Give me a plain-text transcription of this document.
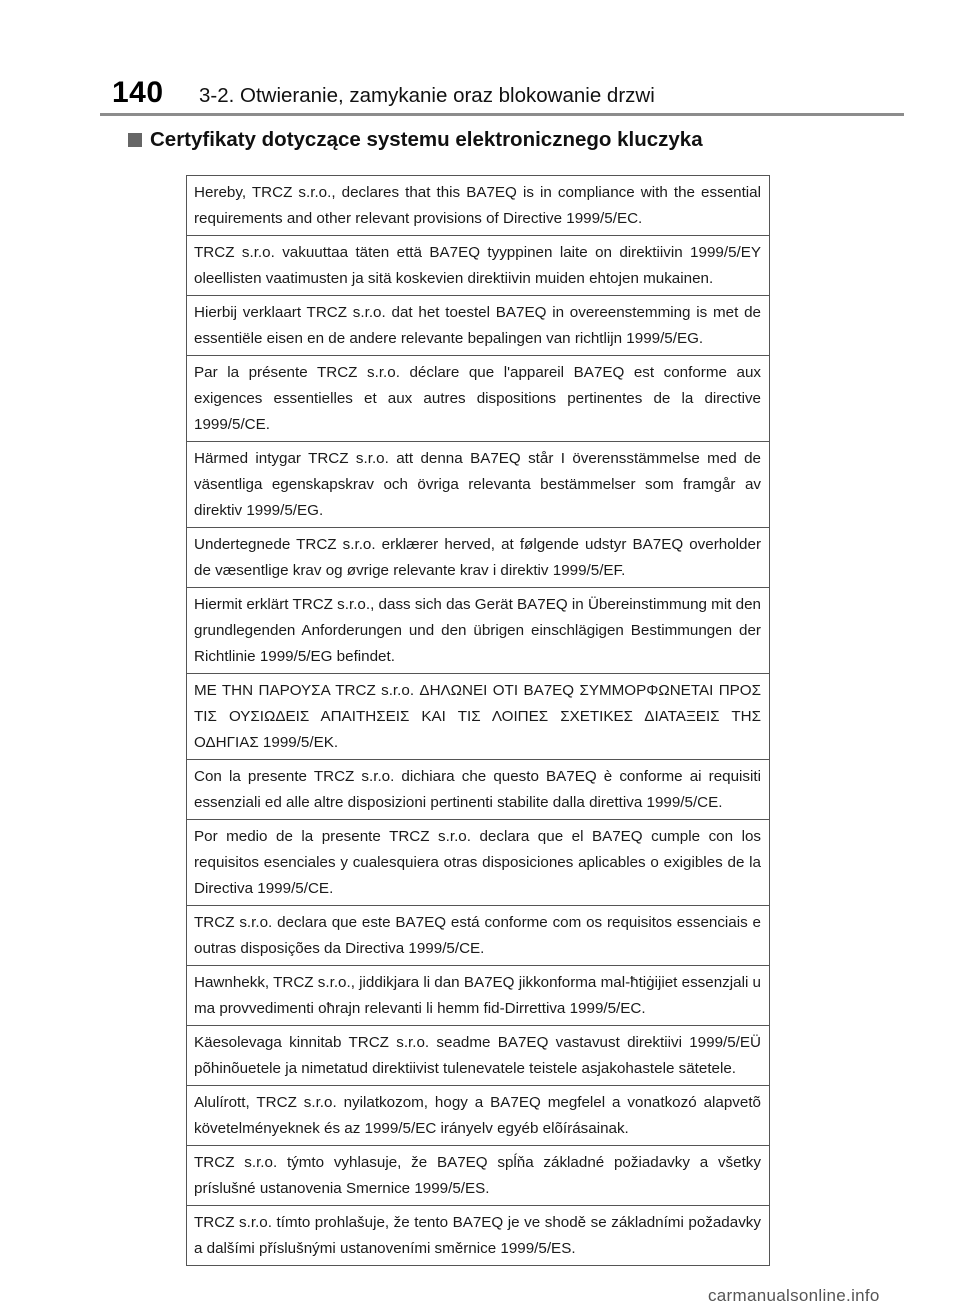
140 3-2. Otwieranie, zamykanie oraz blokowanie drzwi
Certyfikaty dotyczące systemu elektronicznego kluczyka
Hereby, TRCZ s.r.o., declares that this BA7EQ is in compliance with the essential requirements and other relevant provisions of Directive 1999/5/EC.
TRCZ s.r.o. vakuuttaa täten että BA7EQ tyyppinen laite on direktiivin 1999/5/EY oleellisten vaatimusten ja sitä koskevien direktiivin muiden ehtojen mukainen.
Hierbij verklaart TRCZ s.r.o. dat het toestel BA7EQ in overeenstemming is met de essentiële eisen en de andere relevante bepalingen van richtlijn 1999/5/EG.
Par la présente TRCZ s.r.o. déclare que l'appareil BA7EQ est conforme aux exigences essentielles et aux autres dispositions pertinentes de la directive 1999/5/CE.
Härmed intygar TRCZ s.r.o. att denna BA7EQ står I överensstämmelse med de väsentliga egenskapskrav och övriga relevanta bestämmelser som framgår av direktiv 1999/5/EG.
Undertegnede TRCZ s.r.o. erklærer herved, at følgende udstyr BA7EQ overholder de væsentlige krav og øvrige relevante krav i direktiv 1999/5/EF.
Hiermit erklärt TRCZ s.r.o., dass sich das Gerät BA7EQ in Übereinstimmung mit den grundlegenden Anforderungen und den übrigen einschlägigen Bestimmungen der Richtlinie 1999/5/EG befindet.
ΜΕ ΤΗΝ ΠΑΡΟΥΣΑ TRCZ s.r.o. ΔΗΛΩΝΕΙ ΟΤΙ BA7EQ ΣΥΜΜΟΡΦΩΝΕΤΑΙ ΠΡΟΣ ΤΙΣ ΟΥΣΙΩΔΕΙΣ ΑΠΑΙΤΗΣΕΙΣ ΚΑΙ ΤΙΣ ΛΟΙΠΕΣ ΣΧΕΤΙΚΕΣ ΔΙΑΤΑΞΕΙΣ ΤΗΣ ΟΔΗΓΙΑΣ 1999/5/ΕΚ.
Con la presente TRCZ s.r.o. dichiara che questo BA7EQ è conforme ai requisiti essenziali ed alle altre disposizioni pertinenti stabilite dalla direttiva 1999/5/CE.
Por medio de la presente TRCZ s.r.o. declara que el BA7EQ cumple con los requisitos esenciales y cualesquiera otras disposiciones aplicables o exigibles de la Directiva 1999/5/CE.
TRCZ s.r.o. declara que este BA7EQ está conforme com os requisitos essenciais e outras disposições da Directiva 1999/5/CE.
Hawnhekk, TRCZ s.r.o., jiddikjara li dan BA7EQ jikkonforma mal-ħtiġijiet essenzjali u ma provvedimenti oħrajn relevanti li hemm fid-Dirrettiva 1999/5/EC.
Käesolevaga kinnitab TRCZ s.r.o. seadme BA7EQ vastavust direktiivi 1999/5/EÜ põhinõuetele ja nimetatud direktiivist tulenevatele teistele asjakohastele sätetele.
Alulírott, TRCZ s.r.o. nyilatkozom, hogy a BA7EQ megfelel a vonatkozó alapvetõ követelményeknek és az 1999/5/EC irányelv egyéb elõírásainak.
TRCZ s.r.o. týmto vyhlasuje, že BA7EQ spĺňa základné požiadavky a všetky príslušné ustanovenia Smernice 1999/5/ES.
TRCZ s.r.o. tímto prohlašuje, že tento BA7EQ je ve shodě se základními požadavky a dalšími příslušnými ustanoveními směrnice 1999/5/ES.
carmanualsonline.info
